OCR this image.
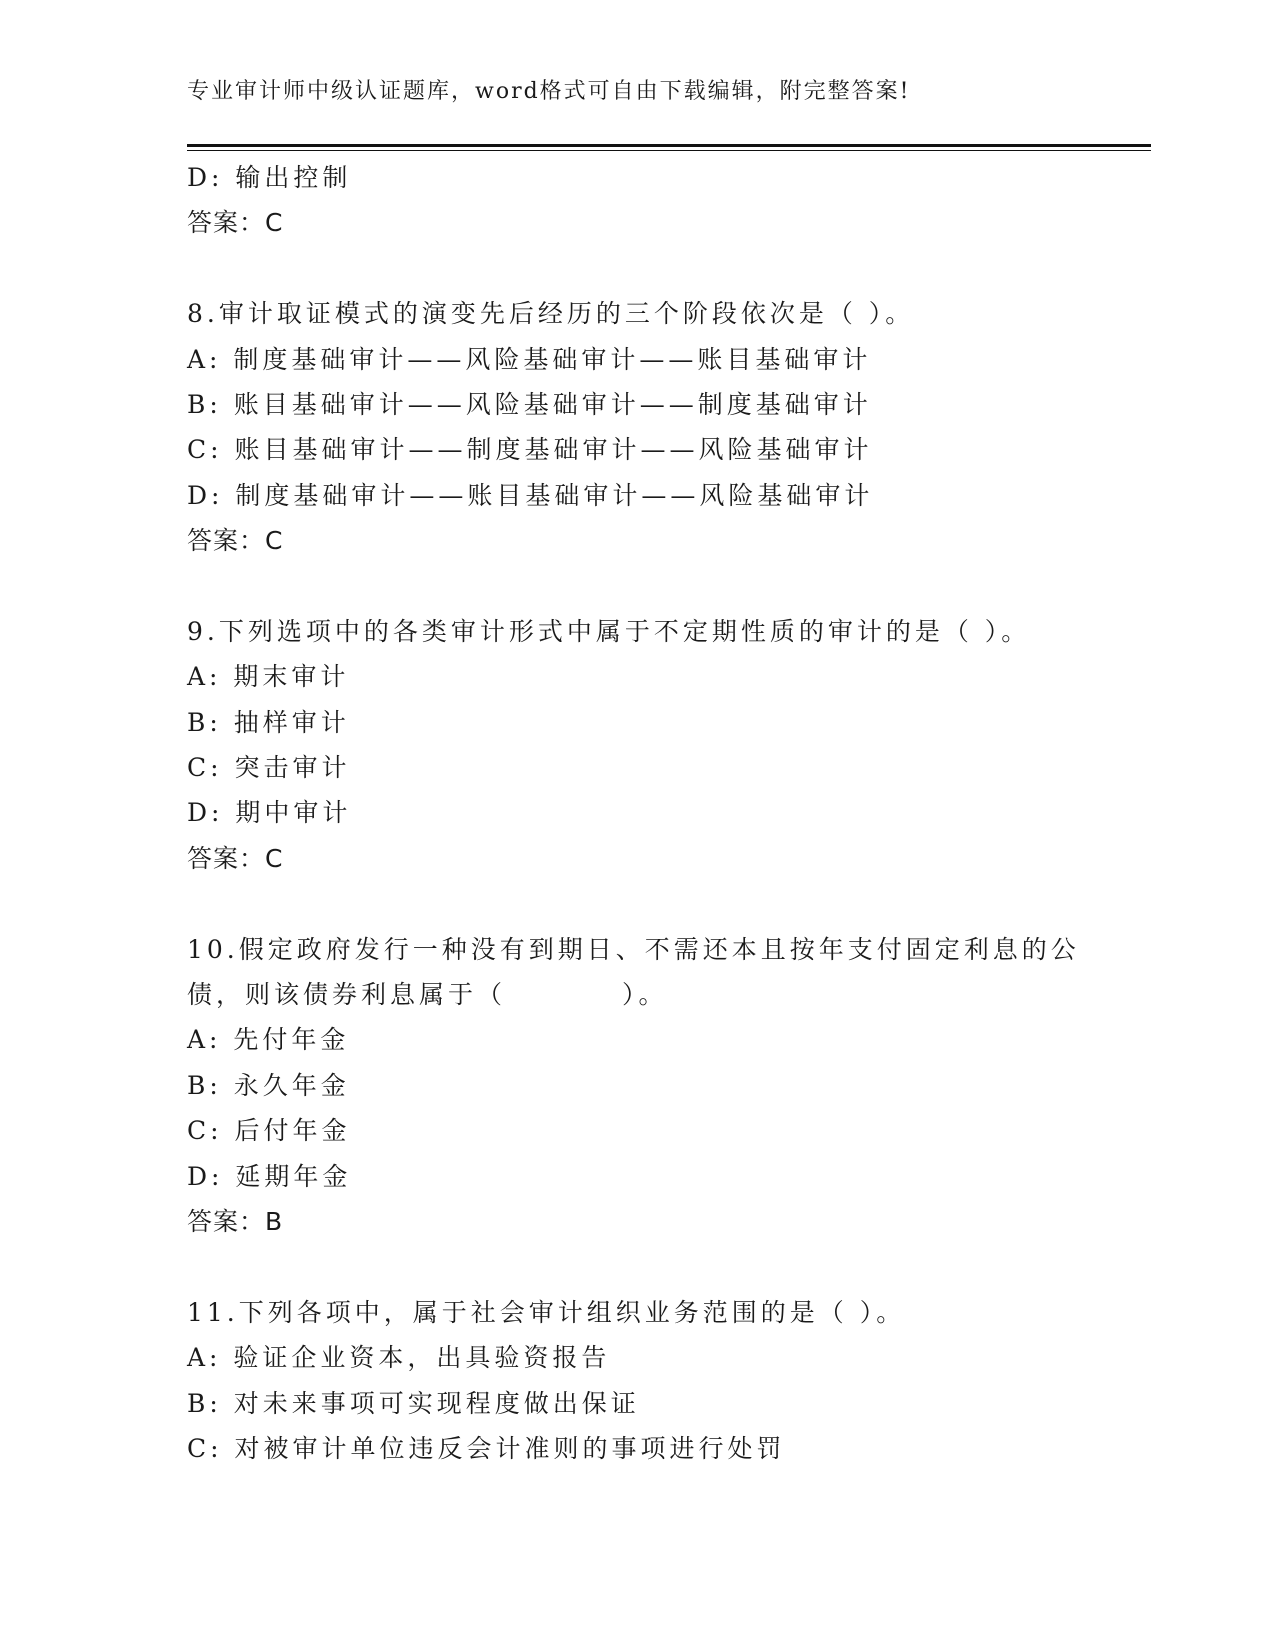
专业审计师中级认证题库，word格式可自由下载编辑，附完整答案!
D: 输出控制
答案：C
8.审计取证模式的演变先后经历的三个阶段依次是（ ）。
A: 制度基础审计——风险基础审计——账目基础审计
B: 账目基础审计——风险基础审计——制度基础审计
C: 账目基础审计——制度基础审计——风险基础审计
D: 制度基础审计——账目基础审计——风险基础审计
答案：C
9.下列选项中的各类审计形式中属于不定期性质的审计的是（ ）。
A: 期末审计
B: 抽样审计
C: 突击审计
D: 期中审计
答案：C
10.假定政府发行一种没有到期日、不需还本且按年支付固定利息的公
债，则该债券利息属于（　　　　）。
A: 先付年金
B: 永久年金
C: 后付年金
D: 延期年金
答案：B
11.下列各项中，属于社会审计组织业务范围的是（ ）。
A: 验证企业资本，出具验资报告
B: 对未来事项可实现程度做出保证
C: 对被审计单位违反会计准则的事项进行处罚
